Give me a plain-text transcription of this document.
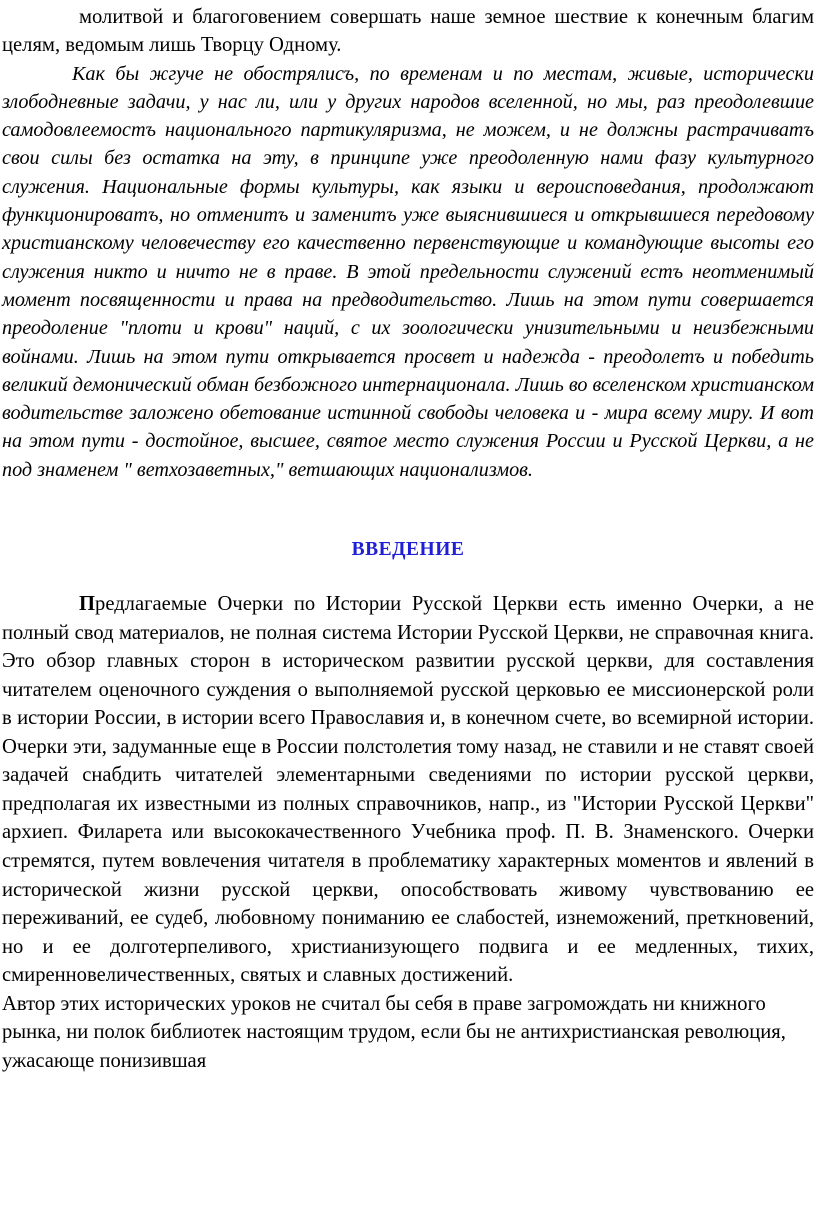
молитвой и благоговением совершать наше земное шествие к конечным благим целям, ведомым лишь Творцу Одному.

Как бы жгуче не обострялисъ, по временам и по местам, живые, исторически злободневные задачи, у нас ли, или у других народов вселенной, но мы, раз преодолевшие самодовлеемостъ национального партикуляризма, не можем, и не должны растрачиватъ свои силы без остатка на эту, в принципе уже преодоленную нами фазу культурного служения. Национальные формы культуры, как языки и вероисповедания, продолжают функционироватъ, но отменитъ и заменитъ уже выяснившиеся и открывшиеся передовому христианскому человечеству его качественно первенствующие и командующие высоты его служения никто и ничто не в праве. В этой предельности служений естъ неотменимый момент посвященности и права на предводительство. Лишь на этом пути совершается преодоление "плоти и крови" наций, с их зоологически унизительными и неизбежными войнами. Лишь на этом пути открывается просвет и надежда - преодолетъ и победить великий демонический обман безбожного интернационала. Лишь во вселенском христианском водительстве заложено обетование истинной свободы человека и - мира всему миру. И вот на этом пути - достойное, высшее, святое место служения России и Русской Церкви, а не под знаменем " ветхозаветных," ветшающих национализмов.

ВВЕДЕНИЕ

Предлагаемые Очерки по Истории Русской Церкви есть именно Очерки, а не полный свод материалов, не полная система Истории Русской Церкви, не справочная книга. Это обзор главных сторон в историческом развитии русской церкви, для составления читателем оценочного суждения о выполняемой русской церковью ее миссионерской роли в истории России, в истории всего Православия и, в конечном счете, во всемирной истории. Очерки эти, задуманные еще в России полстолетия тому назад, не ставили и не ставят своей задачей снабдить читателей элементарными сведениями по истории русской церкви, предполагая их известными из полных справочников, напр., из "Истории Русской Церкви" архиеп. Филарета или высококачественного Учебника проф. П. В. Знаменского. Очерки стремятся, путем вовлечения читателя в проблематику характерных моментов и явлений в исторической жизни русской церкви, опособствовать живому чувствованию ее переживаний, ее судеб, любовному пониманию ее слабостей, изнеможений, преткновений, но и ее долготерпеливого, христианизующего подвига и ее медленных, тихих, смиренновеличественных, святых и славных достижений.

Автор этих исторических уроков не считал бы себя в праве загромождать ни книжного рынка, ни полок библиотек настоящим трудом, если бы не антихристианская революция, ужасающе понизившая
